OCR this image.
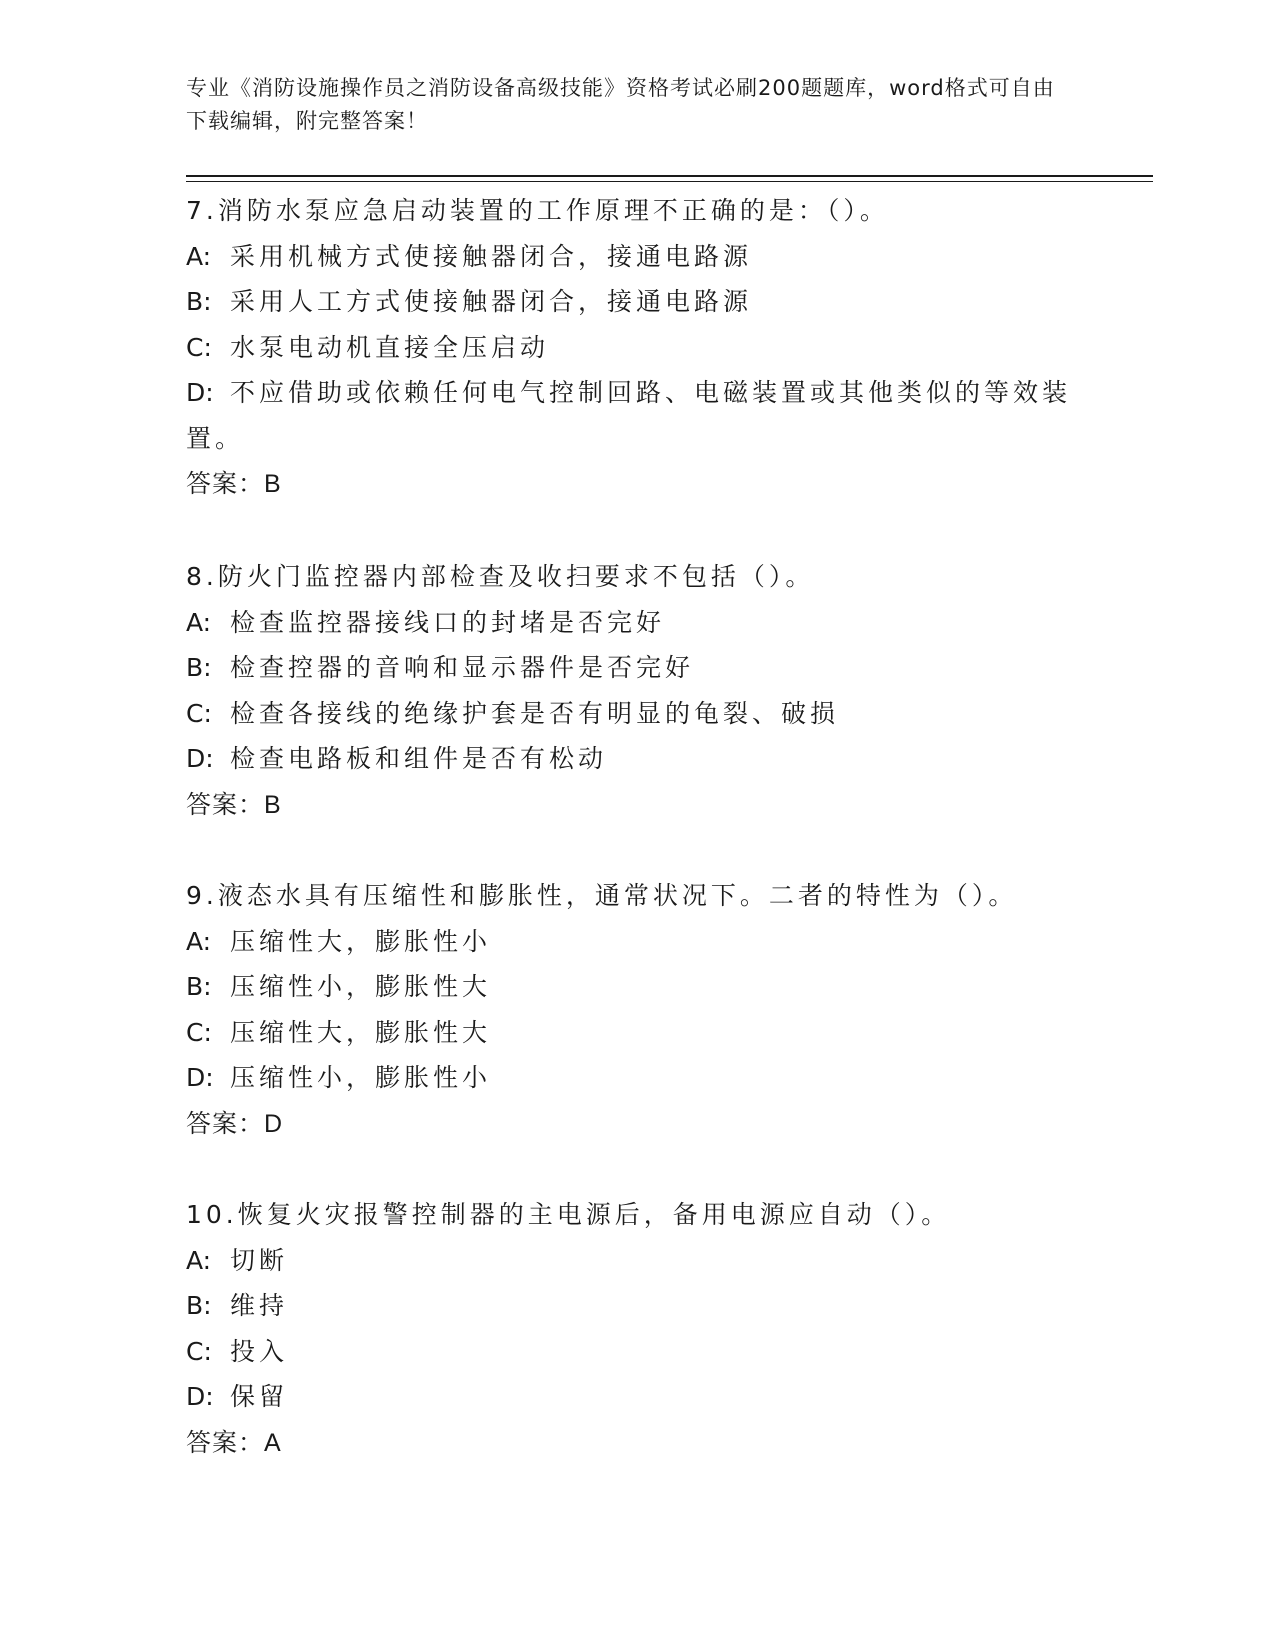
专业《消防设施操作员之消防设备高级技能》资格考试必刷200题题库，word格式可自由下载编辑，附完整答案！

7.消防水泵应急启动装置的工作原理不正确的是：（）。

A: 采用机械方式使接触器闭合，接通电路源

B: 采用人工方式使接触器闭合，接通电路源

C: 水泵电动机直接全压启动

D: 不应借助或依赖任何电气控制回路、电磁装置或其他类似的等效装置。

答案：B

8.防火门监控器内部检查及收扫要求不包括（）。

A: 检查监控器接线口的封堵是否完好

B: 检查控器的音响和显示器件是否完好

C: 检查各接线的绝缘护套是否有明显的龟裂、破损

D: 检查电路板和组件是否有松动

答案：B

9.液态水具有压缩性和膨胀性，通常状况下。二者的特性为（）。

A: 压缩性大，膨胀性小

B: 压缩性小，膨胀性大

C: 压缩性大，膨胀性大

D: 压缩性小，膨胀性小

答案：D

10.恢复火灾报警控制器的主电源后，备用电源应自动（）。

A: 切断

B: 维持

C: 投入

D: 保留

答案：A
